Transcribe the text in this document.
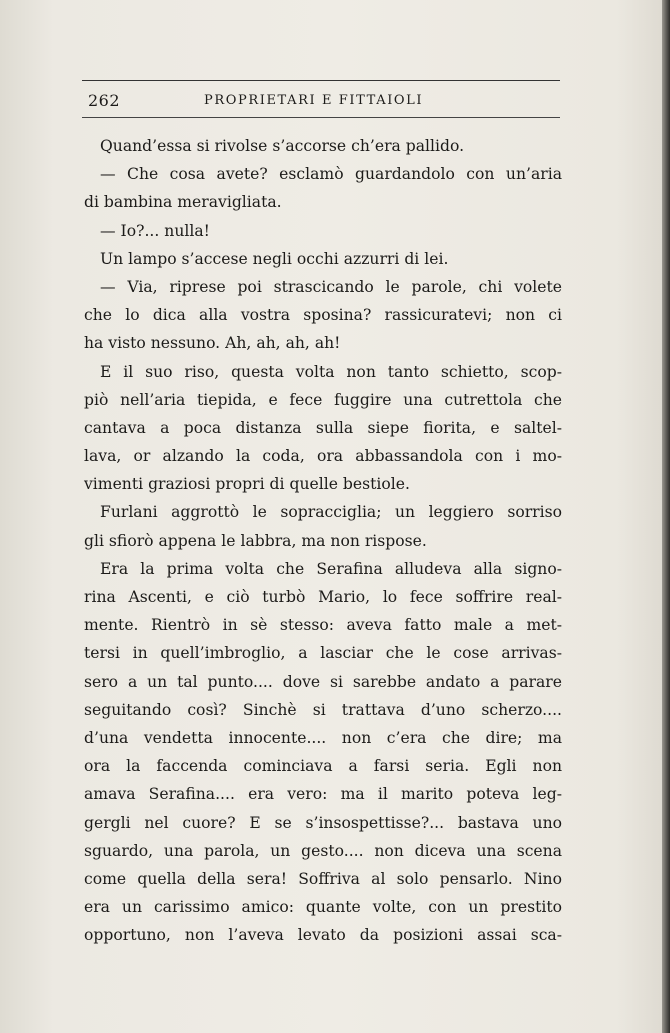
262	PROPRIETARI E FITTAIOLI
Quand’essa si rivolse s’accorse ch’era pallido.
— Che cosa avete? esclamò guardandolo con un’aria
di bambina meravigliata.
— Io?... nulla!
Un lampo s’accese negli occhi azzurri di lei.
— Via, riprese poi strascicando le parole, chi volete
che lo dica alla vostra sposina? rassicuratevi; non ci
ha visto nessuno. Ah, ah, ah, ah!
E il suo riso, questa volta non tanto schietto, scop-
piò nell’aria tiepida, e fece fuggire una cutrettola che
cantava a poca distanza sulla siepe fiorita, e saltel-
lava, or alzando la coda, ora abbassandola con i mo-
vimenti graziosi propri di quelle bestiole.
Furlani aggrottò le sopracciglia; un leggiero sorriso
gli sfiorò appena le labbra, ma non rispose.
Era la prima volta che Serafina alludeva alla signo-
rina Ascenti, e ciò turbò Mario, lo fece soffrire real-
mente. Rientrò in sè stesso: aveva fatto male a met-
tersi in quell’imbroglio, a lasciar che le cose arrivas-
sero a un tal punto.... dove si sarebbe andato a parare
seguitando così? Sinchè si trattava d’uno scherzo....
d’una vendetta innocente.... non c’era che dire; ma
ora la faccenda cominciava a farsi seria. Egli non
amava Serafina.... era vero: ma il marito poteva leg-
gergli nel cuore? E se s’insospettisse?... bastava uno
sguardo, una parola, un gesto.... non diceva una scena
come quella della sera! Soffriva al solo pensarlo. Nino
era un carissimo amico: quante volte, con un prestito
opportuno, non l’aveva levato da posizioni assai sca-
